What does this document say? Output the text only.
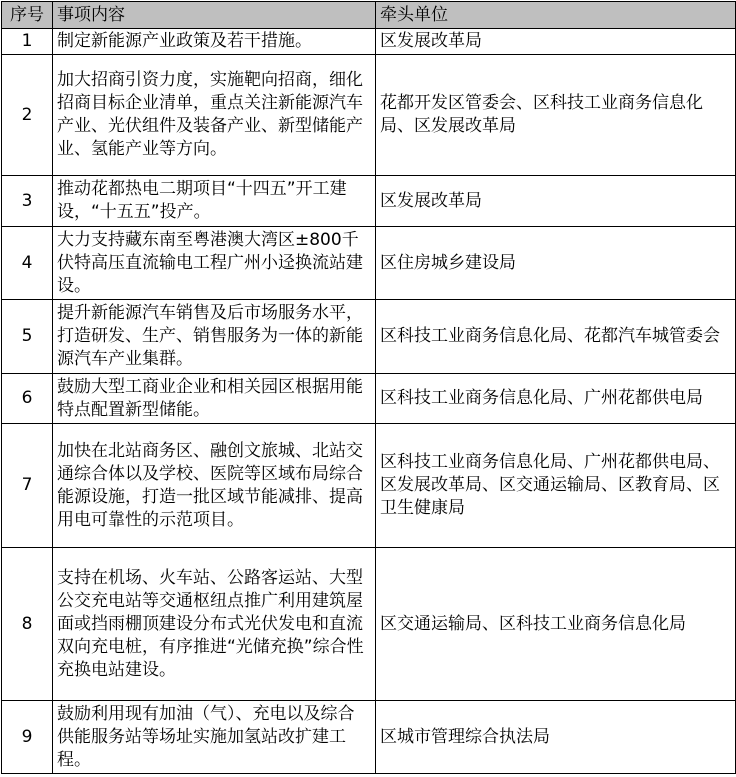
序号	事项内容	牵头单位
1	制定新能源产业政策及若干措施。	区发展改革局
2	加大招商引资力度，实施靶向招商，细化招商目标企业清单，重点关注新能源汽车产业、光伏组件及装备产业、新型储能产业、氢能产业等方向。	花都开发区管委会、区科技工业商务信息化局、区发展改革局
3	推动花都热电二期项目“十四五”开工建设，“十五五”投产。	区发展改革局
4	大力支持藏东南至粤港澳大湾区±800千伏特高压直流输电工程广州小迳换流站建设。	区住房城乡建设局
5	提升新能源汽车销售及后市场服务水平，打造研发、生产、销售服务为一体的新能源汽车产业集群。	区科技工业商务信息化局、花都汽车城管委会
6	鼓励大型工商业企业和相关园区根据用能特点配置新型储能。	区科技工业商务信息化局、广州花都供电局
7	加快在北站商务区、融创文旅城、北站交通综合体以及学校、医院等区域布局综合能源设施，打造一批区域节能减排、提高用电可靠性的示范项目。	区科技工业商务信息化局、广州花都供电局、区发展改革局、区交通运输局、区教育局、区卫生健康局
8	支持在机场、火车站、公路客运站、大型公交充电站等交通枢纽点推广利用建筑屋面或挡雨棚顶建设分布式光伏发电和直流双向充电桩，有序推进“光储充换”综合性充换电站建设。	区交通运输局、区科技工业商务信息化局
9	鼓励利用现有加油（气）、充电以及综合供能服务站等场址实施加氢站改扩建工程。	区城市管理综合执法局
